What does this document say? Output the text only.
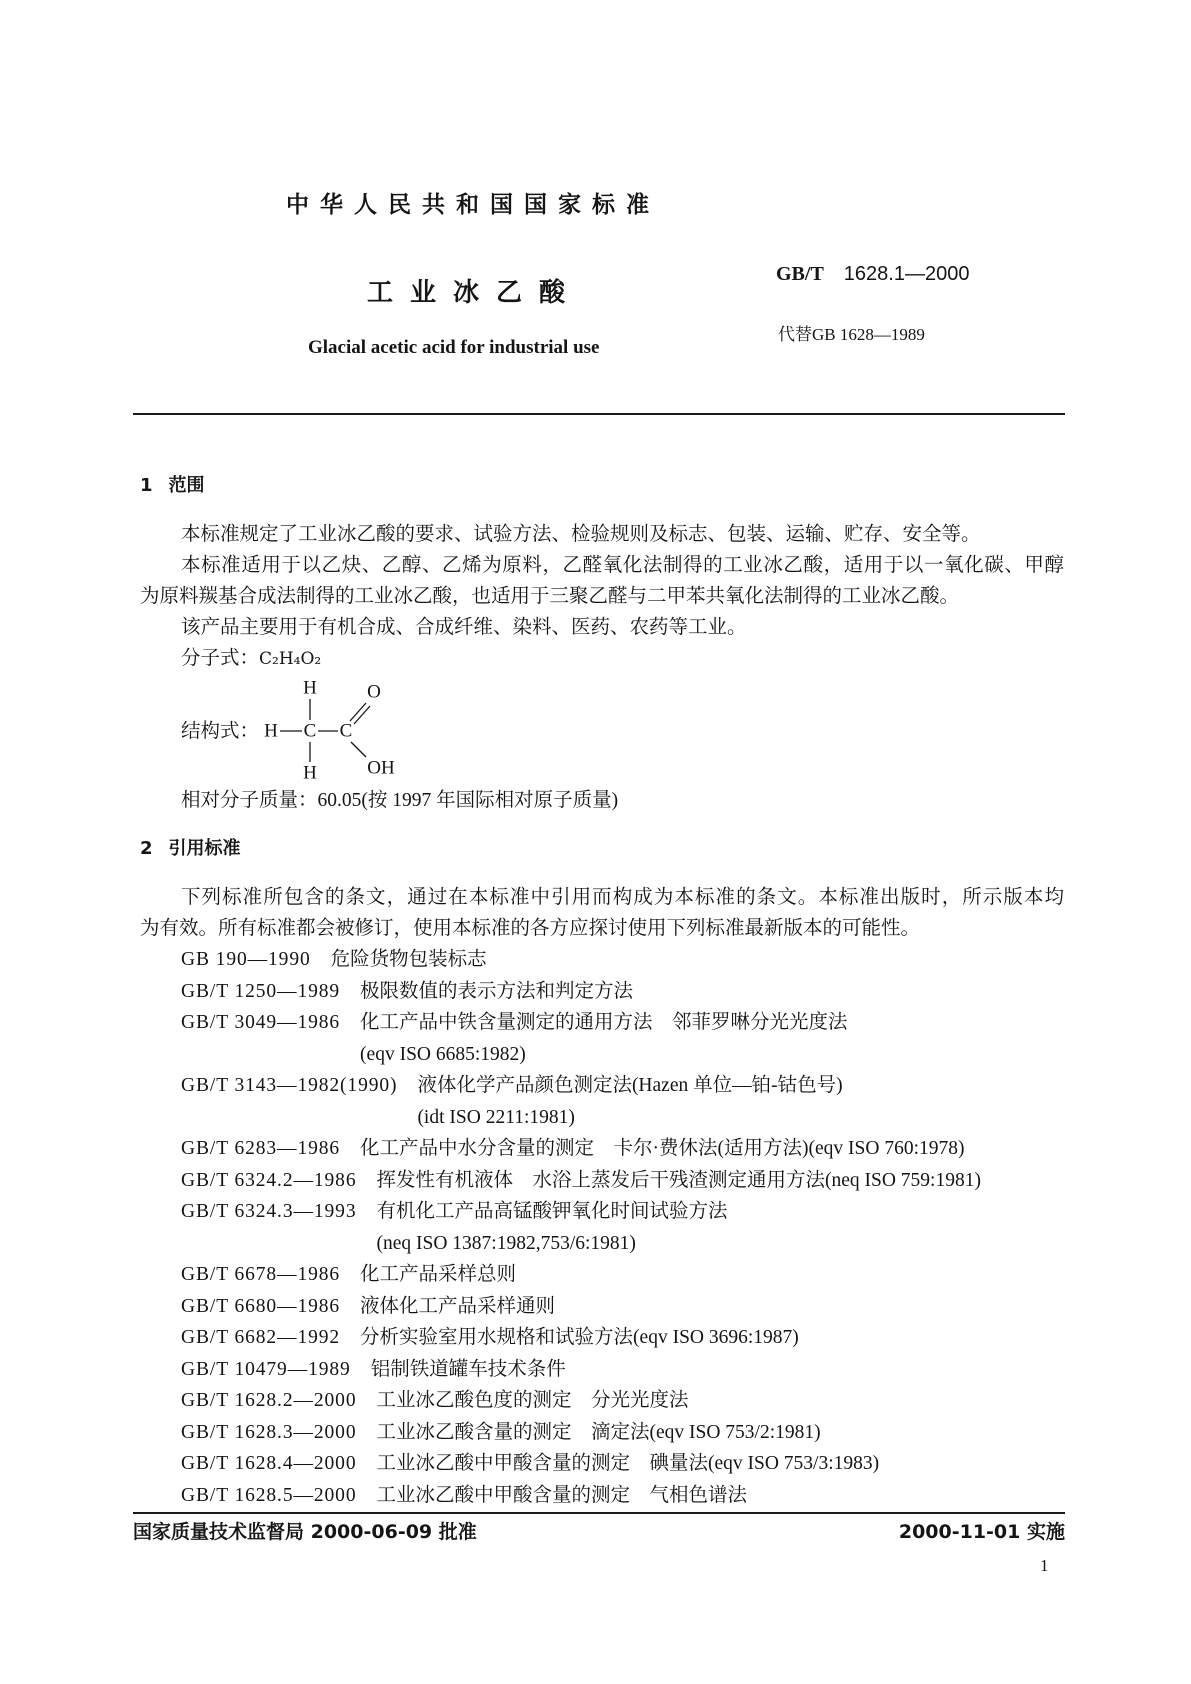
中华人民共和国国家标准
工业冰乙酸
GB/T 1628.1—2000
代替GB 1628—1989
Glacial acetic acid for industrial use
1 范围
本标准规定了工业冰乙酸的要求、试验方法、检验规则及标志、包装、运输、贮存、安全等。
本标准适用于以乙炔、乙醇、乙烯为原料，乙醛氧化法制得的工业冰乙酸，适用于以一氧化碳、甲醇
为原料羰基合成法制得的工业冰乙酸，也适用于三聚乙醛与二甲苯共氧化法制得的工业冰乙酸。
该产品主要用于有机合成、合成纤维、染料、医药、农药等工业。
分子式：C₂H₄O₂
结构式： H C C
H
H
O
OH
相对分子质量：60.05(按 1997 年国际相对原子质量)
2 引用标准
下列标准所包含的条文，通过在本标准中引用而构成为本标准的条文。本标准出版时，所示版本均
为有效。所有标准都会被修订，使用本标准的各方应探讨使用下列标准最新版本的可能性。
GB 190—1990 危险货物包装标志
GB/T 1250—1989 极限数值的表示方法和判定方法
GB/T 3049—1986 化工产品中铁含量测定的通用方法　邻菲罗啉分光光度法
(eqv ISO 6685:1982)
GB/T 3143—1982(1990) 液体化学产品颜色测定法(Hazen 单位—铂-钴色号)
(idt ISO 2211:1981)
GB/T 6283—1986 化工产品中水分含量的测定　卡尔·费休法(适用方法)(eqv ISO 760:1978)
GB/T 6324.2—1986 挥发性有机液体　水浴上蒸发后干残渣测定通用方法(neq ISO 759:1981)
GB/T 6324.3—1993 有机化工产品高锰酸钾氧化时间试验方法
(neq ISO 1387:1982,753/6:1981)
GB/T 6678—1986 化工产品采样总则
GB/T 6680—1986 液体化工产品采样通则
GB/T 6682—1992 分析实验室用水规格和试验方法(eqv ISO 3696:1987)
GB/T 10479—1989 铝制铁道罐车技术条件
GB/T 1628.2—2000 工业冰乙酸色度的测定　分光光度法
GB/T 1628.3—2000 工业冰乙酸含量的测定　滴定法(eqv ISO 753/2:1981)
GB/T 1628.4—2000 工业冰乙酸中甲酸含量的测定　碘量法(eqv ISO 753/3:1983)
GB/T 1628.5—2000 工业冰乙酸中甲酸含量的测定　气相色谱法
国家质量技术监督局 2000-06-09 批准	2000-11-01 实施
1
